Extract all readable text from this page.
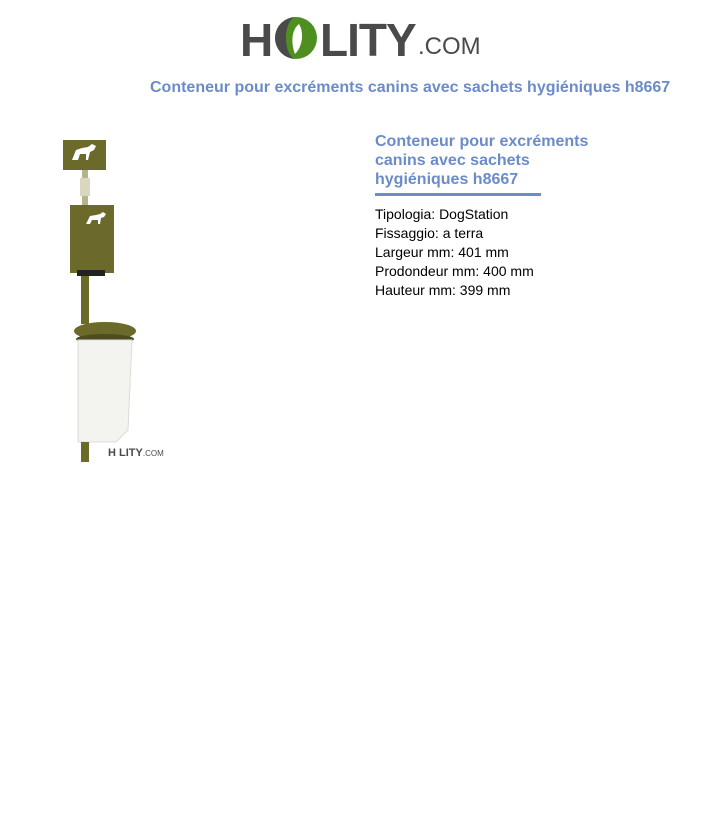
H LITY .COM
Conteneur pour excréments canins avec sachets hygiéniques h8667
H LITY.COM
Conteneur pour excréments canins avec sachets hygiéniques h8667
Tipologia: DogStation
Fissaggio: a terra
Largeur mm: 401 mm
Prodondeur mm: 400 mm
Hauteur mm: 399 mm
